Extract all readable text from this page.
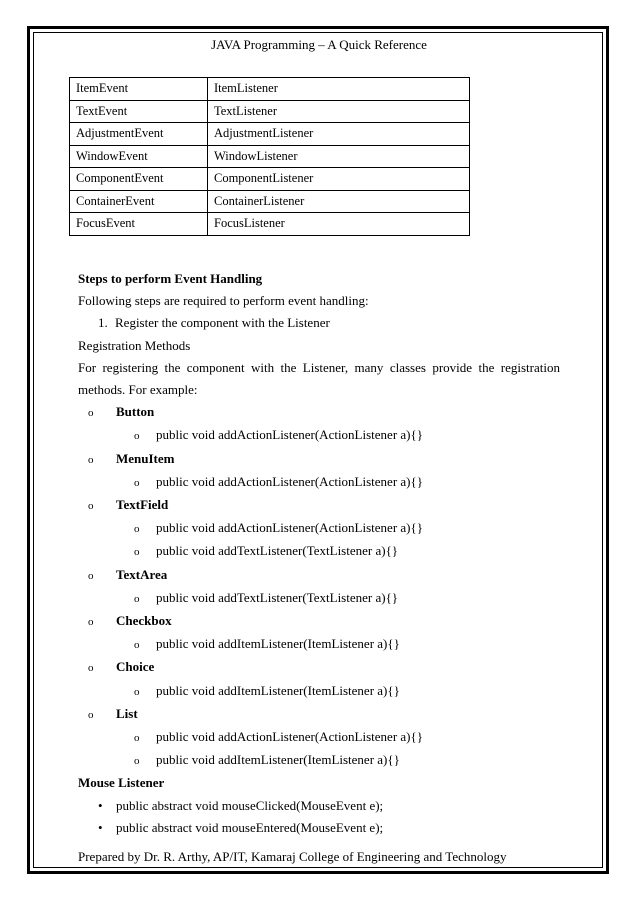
JAVA Programming – A Quick Reference
ItemEvent	ItemListener
TextEvent	TextListener
AdjustmentEvent	AdjustmentListener
WindowEvent	WindowListener
ComponentEvent	ComponentListener
ContainerEvent	ContainerListener
FocusEvent	FocusListener
Steps to perform Event Handling
Following steps are required to perform event handling:
1. Register the component with the Listener
Registration Methods
For registering the component with the Listener, many classes provide the registration
methods. For example:
o Button
o public void addActionListener(ActionListener a){}
o MenuItem
o public void addActionListener(ActionListener a){}
o TextField
o public void addActionListener(ActionListener a){}
o public void addTextListener(TextListener a){}
o TextArea
o public void addTextListener(TextListener a){}
o Checkbox
o public void addItemListener(ItemListener a){}
o Choice
o public void addItemListener(ItemListener a){}
o List
o public void addActionListener(ActionListener a){}
o public void addItemListener(ItemListener a){}
Mouse Listener
• public abstract void mouseClicked(MouseEvent e);
• public abstract void mouseEntered(MouseEvent e);
Prepared by Dr. R. Arthy, AP/IT, Kamaraj College of Engineering and Technology
